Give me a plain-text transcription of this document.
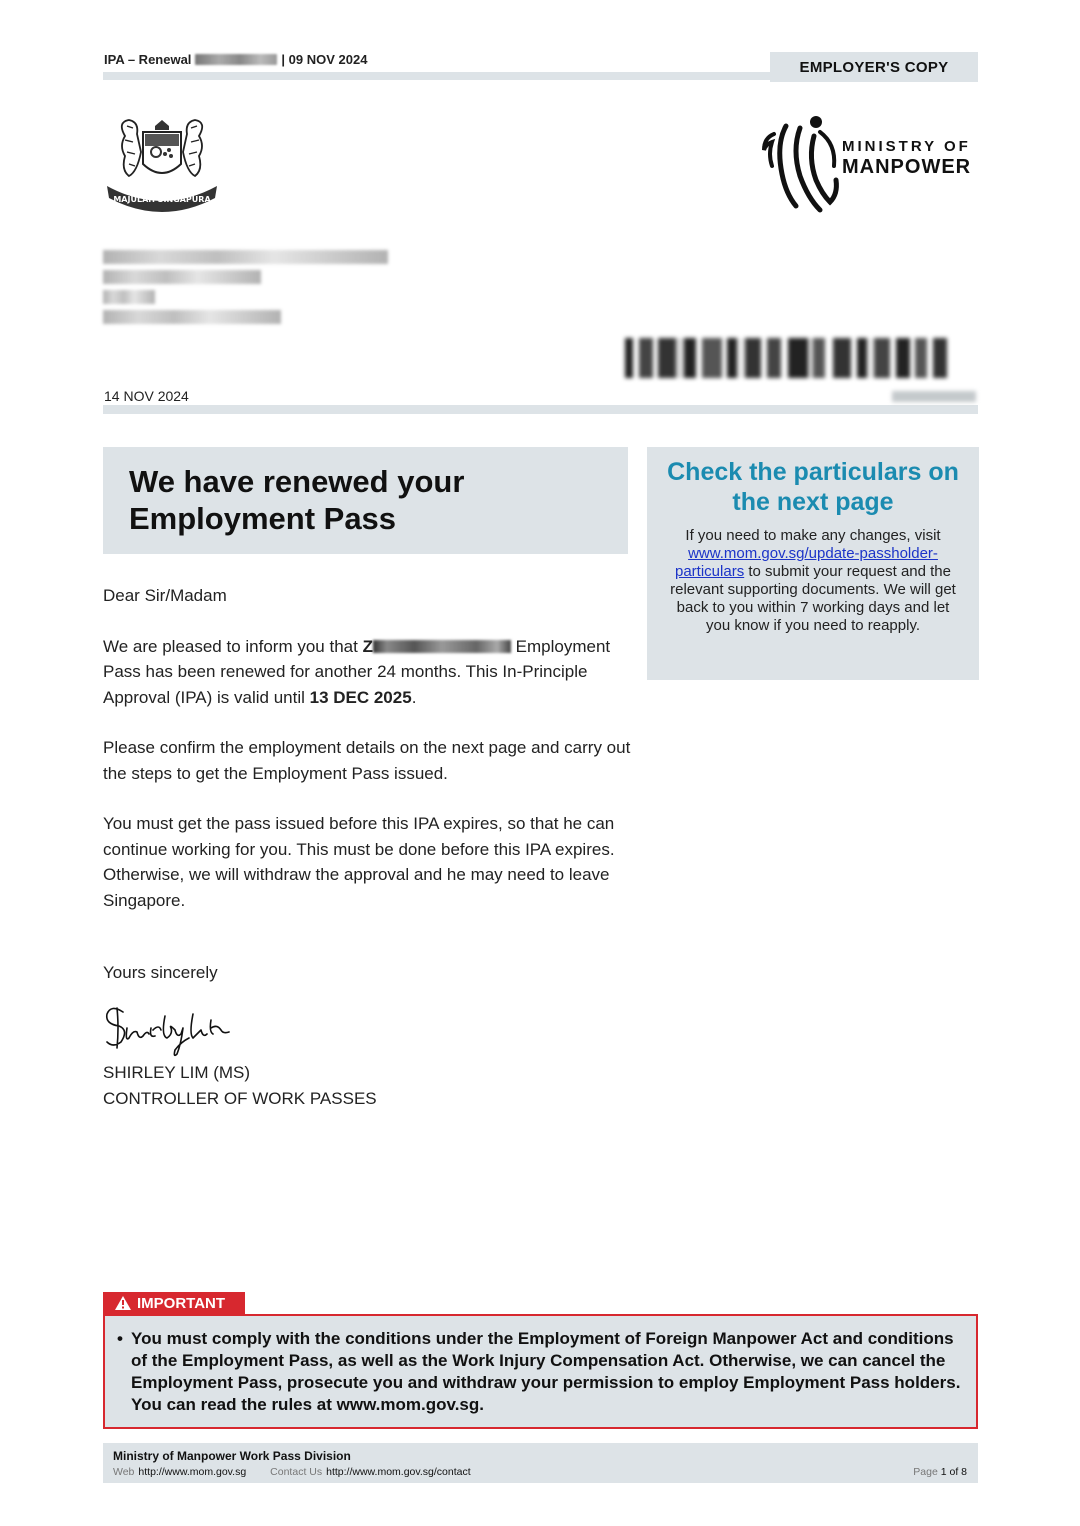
IPA – Renewal	| 09 NOV 2024	EMPLOYER'S COPY
MAJULAH SINGAPURA
MINISTRY OF
MANPOWER
14 NOV 2024
We have renewed your
Employment Pass
Check the particulars on the next page

If you need to make any changes, visit www.mom.gov.sg/update-passholder-particulars to submit your request and the relevant supporting documents. We will get back to you within 7 working days and let you know if you need to reapply.

Dear Sir/Madam

We are pleased to inform you that Z	Employment Pass has been renewed for another 24 months. This In-Principle Approval (IPA) is valid until 13 DEC 2025.

Please confirm the employment details on the next page and carry out the steps to get the Employment Pass issued.

You must get the pass issued before this IPA expires, so that he can continue working for you. This must be done before this IPA expires. Otherwise, we will withdraw the approval and he may need to leave Singapore.

Yours sincerely
SHIRLEY LIM (MS)
CONTROLLER OF WORK PASSES
IMPORTANT
• You must comply with the conditions under the Employment of Foreign Manpower Act and conditions of the Employment Pass, as well as the Work Injury Compensation Act. Otherwise, we can cancel the Employment Pass, prosecute you and withdraw your permission to employ Employment Pass holders. You can read the rules at www.mom.gov.sg.
Ministry of Manpower Work Pass Division
Web http://www.mom.gov.sg Contact Us http://www.mom.gov.sg/contact	Page 1 of 8
